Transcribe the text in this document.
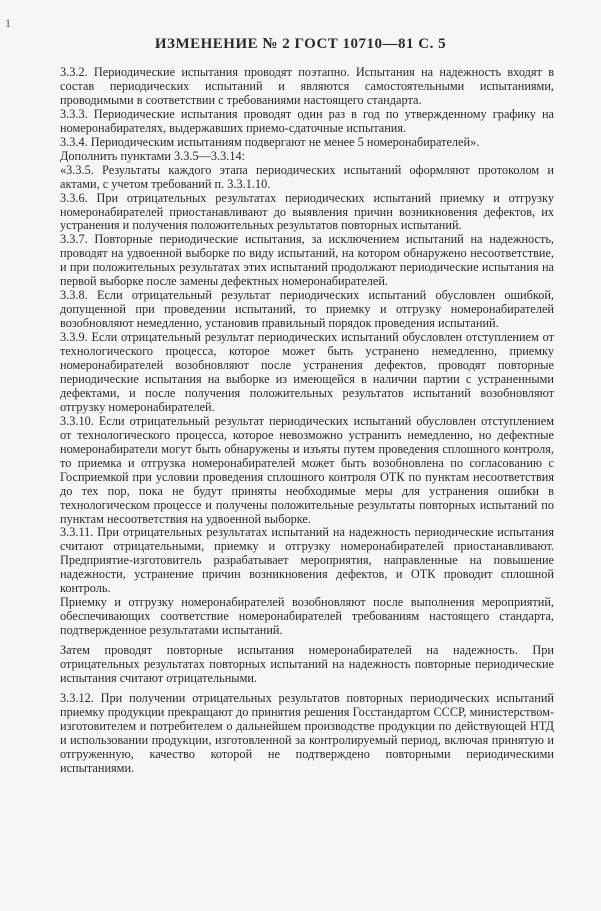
1
ИЗМЕНЕНИЕ № 2 ГОСТ 10710—81 С. 5

3.3.2. Периодические испытания проводят поэтапно. Испытания на надежность входят в состав периодических испытаний и являются самостоятельными испытаниями, проводимыми в соответствии с требованиями настоящего стандарта.

3.3.3. Периодические испытания проводят один раз в год по утвержденному графику на номеронабирателях, выдержавших приемо-сдаточные испытания.

3.3.4. Периодическим испытаниям подвергают не менее 5 номеронабирателей».

Дополнить пунктами 3.3.5—3.3.14:

«3.3.5. Результаты каждого этапа периодических испытаний оформляют протоколом и актами, с учетом требований п. 3.3.1.10.

3.3.6. При отрицательных результатах периодических испытаний приемку и отгрузку номеронабирателей приостанавливают до выявления причин возникновения дефектов, их устранения и получения положительных результатов повторных испытаний.

3.3.7. Повторные периодические испытания, за исключением испытаний на надежность, проводят на удвоенной выборке по виду испытаний, на котором обнаружено несоответствие, и при положительных результатах этих испытаний продолжают периодические испытания на первой выборке после замены дефектных номеронабирателей.

3.3.8. Если отрицательный результат периодических испытаний обусловлен ошибкой, допущенной при проведении испытаний, то приемку и отгрузку номеронабирателей возобновляют немедленно, установив правильный порядок проведения испытаний.

3.3.9. Если отрицательный результат периодических испытаний обусловлен отступлением от технологического процесса, которое может быть устранено немедленно, приемку номеронабирателей возобновляют после устранения дефектов, проводят повторные периодические испытания на выборке из имеющейся в наличии партии с устраненными дефектами, и после получения положительных результатов испытаний возобновляют отгрузку номеронабирателей.

3.3.10. Если отрицательный результат периодических испытаний обусловлен отступлением от технологического процесса, которое невозможно устранить немедленно, но дефектные номеронабиратели могут быть обнаружены и изъяты путем проведения сплошного контроля, то приемка и отгрузка номеронабирателей может быть возобновлена по согласованию с Госприемкой при условии проведения сплошного контроля ОТК по пунктам несоответствия до тех пор, пока не будут приняты необходимые меры для устранения ошибки в технологическом процессе и получены положительные результаты повторных испытаний по пунктам несоответствия на удвоенной выборке.

3.3.11. При отрицательных результатах испытаний на надежность периодические испытания считают отрицательными, приемку и отгрузку номеронабирателей приостанавливают. Предприятие-изготовитель разрабатывает мероприятия, направленные на повышение надежности, устранение причин возникновения дефектов, и ОТК проводит сплошной контроль.

Приемку и отгрузку номеронабирателей возобновляют после выполнения мероприятий, обеспечивающих соответствие номеронабирателей требованиям настоящего стандарта, подтвержденное результатами испытаний.

Затем проводят повторные испытания номеронабирателей на надежность. При отрицательных результатах повторных испытаний на надежность повторные периодические испытания считают отрицательными.

3.3.12. При получении отрицательных результатов повторных периодических испытаний приемку продукции прекращают до принятия решения Госстандартом СССР, министерством-изготовителем и потребителем о дальнейшем производстве продукции по действующей НТД и использовании продукции, изготовленной за контролируемый период, включая принятую и отгруженную, качество которой не подтверждено повторными периодическими испытаниями.
